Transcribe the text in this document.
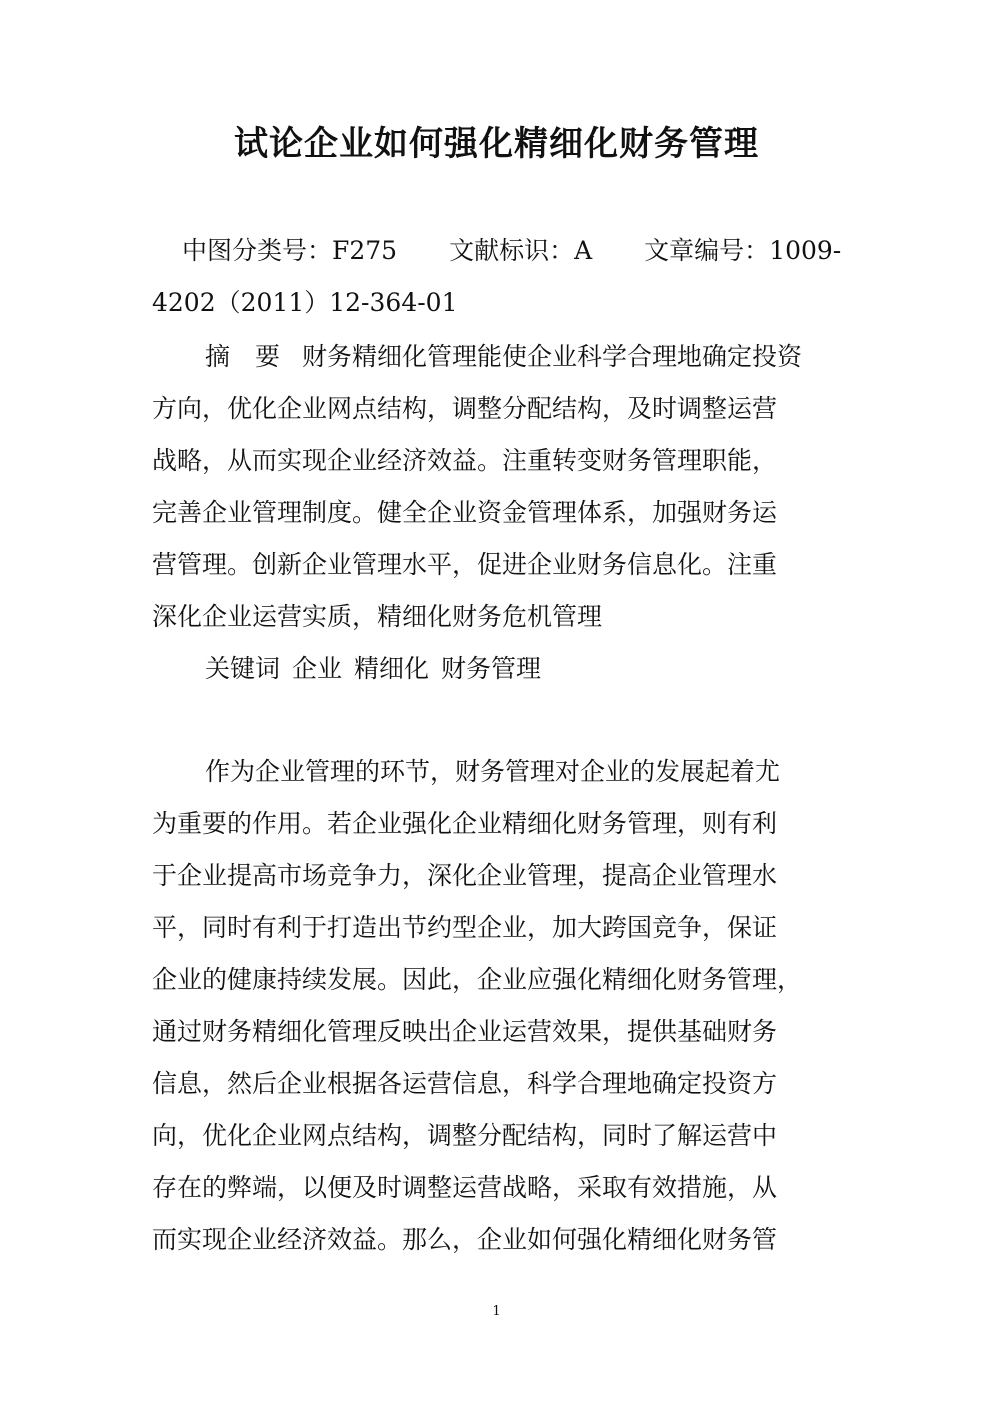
试论企业如何强化精细化财务管理
中图分类号：F275 文献标识：A 文章编号：1009-
4202（2011）12-364-01
摘　要 财务精细化管理能使企业科学合理地确定投资
方向，优化企业网点结构，调整分配结构，及时调整运营
战略，从而实现企业经济效益。注重转变财务管理职能，
完善企业管理制度。健全企业资金管理体系，加强财务运
营管理。创新企业管理水平，促进企业财务信息化。注重
深化企业运营实质，精细化财务危机管理
关键词 企业 精细化 财务管理
作为企业管理的环节，财务管理对企业的发展起着尤
为重要的作用。若企业强化企业精细化财务管理，则有利
于企业提高市场竞争力，深化企业管理，提高企业管理水
平，同时有利于打造出节约型企业，加大跨国竞争，保证
企业的健康持续发展。因此，企业应强化精细化财务管理，
通过财务精细化管理反映出企业运营效果，提供基础财务
信息，然后企业根据各运营信息，科学合理地确定投资方
向，优化企业网点结构，调整分配结构，同时了解运营中
存在的弊端，以便及时调整运营战略，采取有效措施，从
而实现企业经济效益。那么，企业如何强化精细化财务管
1
